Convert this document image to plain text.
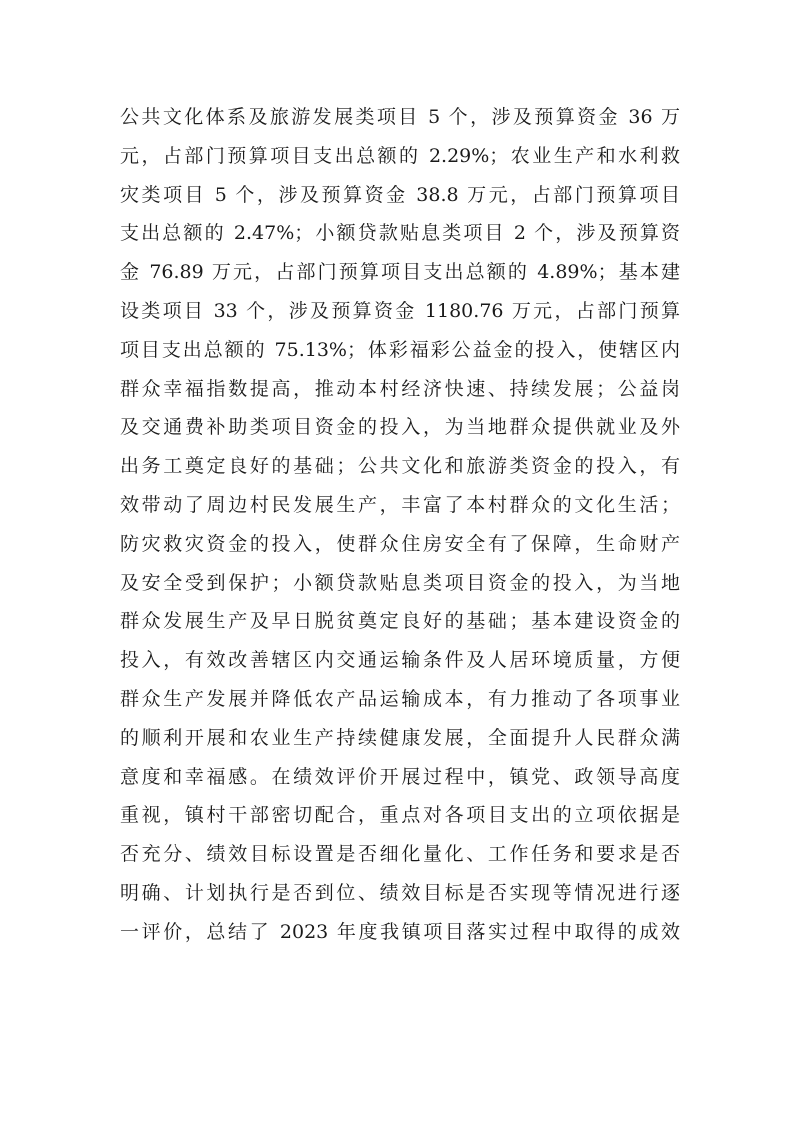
公共文化体系及旅游发展类项目 5 个，涉及预算资金 36 万
元，占部门预算项目支出总额的 2.29%；农业生产和水利救
灾类项目 5 个，涉及预算资金 38.8 万元，占部门预算项目
支出总额的 2.47%；小额贷款贴息类项目 2 个，涉及预算资
金 76.89 万元，占部门预算项目支出总额的 4.89%；基本建
设类项目 33 个，涉及预算资金 1180.76 万元，占部门预算
项目支出总额的 75.13%；体彩福彩公益金的投入，使辖区内
群众幸福指数提高，推动本村经济快速、持续发展；公益岗
及交通费补助类项目资金的投入，为当地群众提供就业及外
出务工奠定良好的基础；公共文化和旅游类资金的投入，有
效带动了周边村民发展生产，丰富了本村群众的文化生活；
防灾救灾资金的投入，使群众住房安全有了保障，生命财产
及安全受到保护；小额贷款贴息类项目资金的投入，为当地
群众发展生产及早日脱贫奠定良好的基础；基本建设资金的
投入，有效改善辖区内交通运输条件及人居环境质量，方便
群众生产发展并降低农产品运输成本，有力推动了各项事业
的顺利开展和农业生产持续健康发展，全面提升人民群众满
意度和幸福感。在绩效评价开展过程中，镇党、政领导高度
重视，镇村干部密切配合，重点对各项目支出的立项依据是
否充分、绩效目标设置是否细化量化、工作任务和要求是否
明确、计划执行是否到位、绩效目标是否实现等情况进行逐
一评价，总结了 2023 年度我镇项目落实过程中取得的成效
